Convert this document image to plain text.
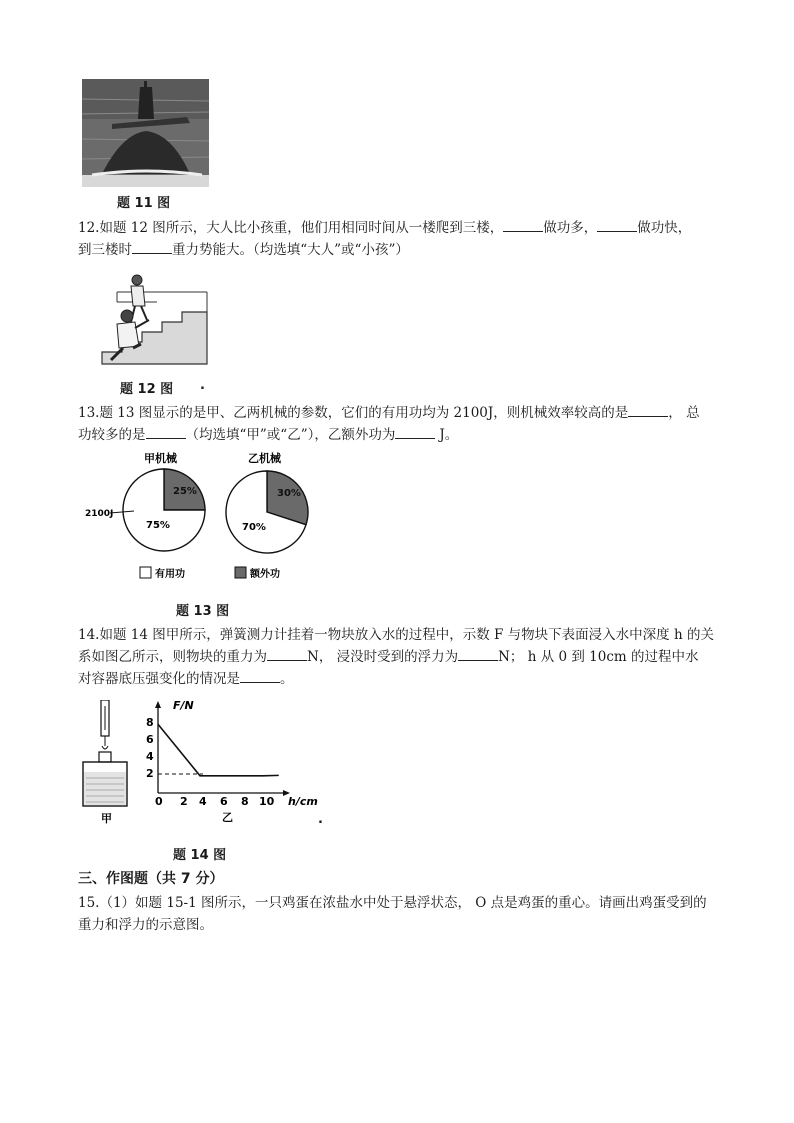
题 11 图
12.如题 12 图所示，大人比小孩重，他们用相同时间从一楼爬到三楼，	做功多，	做功快，
到三楼时	重力势能大。（均选填“大人”或“小孩”）
题 12 图 .
13.题 13 图显示的是甲、乙两机械的参数，它们的有用功均为 2100J，则机械效率较高的是	， 总
功较多的是	（均选填“甲”或“乙”），乙额外功为	J。
甲机械	乙机械
25%
75%
2100J
30%
70%
有用功	额外功
题 13 图
14.如题 14 图甲所示，弹簧测力计挂着一物块放入水的过程中，示数 F 与物块下表面浸入水中深度 h 的关
系如图乙所示，则物块的重力为	N， 浸没时受到的浮力为	N； h 从 0 到 10cm 的过程中水
对容器底压强变化的情况是	。
甲
F/N
h/cm
8
6
4
2
0 2 4 6 8 10
乙
题 14 图
.
三、作图题（共 7 分）
15.（1）如题 15-1 图所示，一只鸡蛋在浓盐水中处于悬浮状态， O 点是鸡蛋的重心。请画出鸡蛋受到的
重力和浮力的示意图。
